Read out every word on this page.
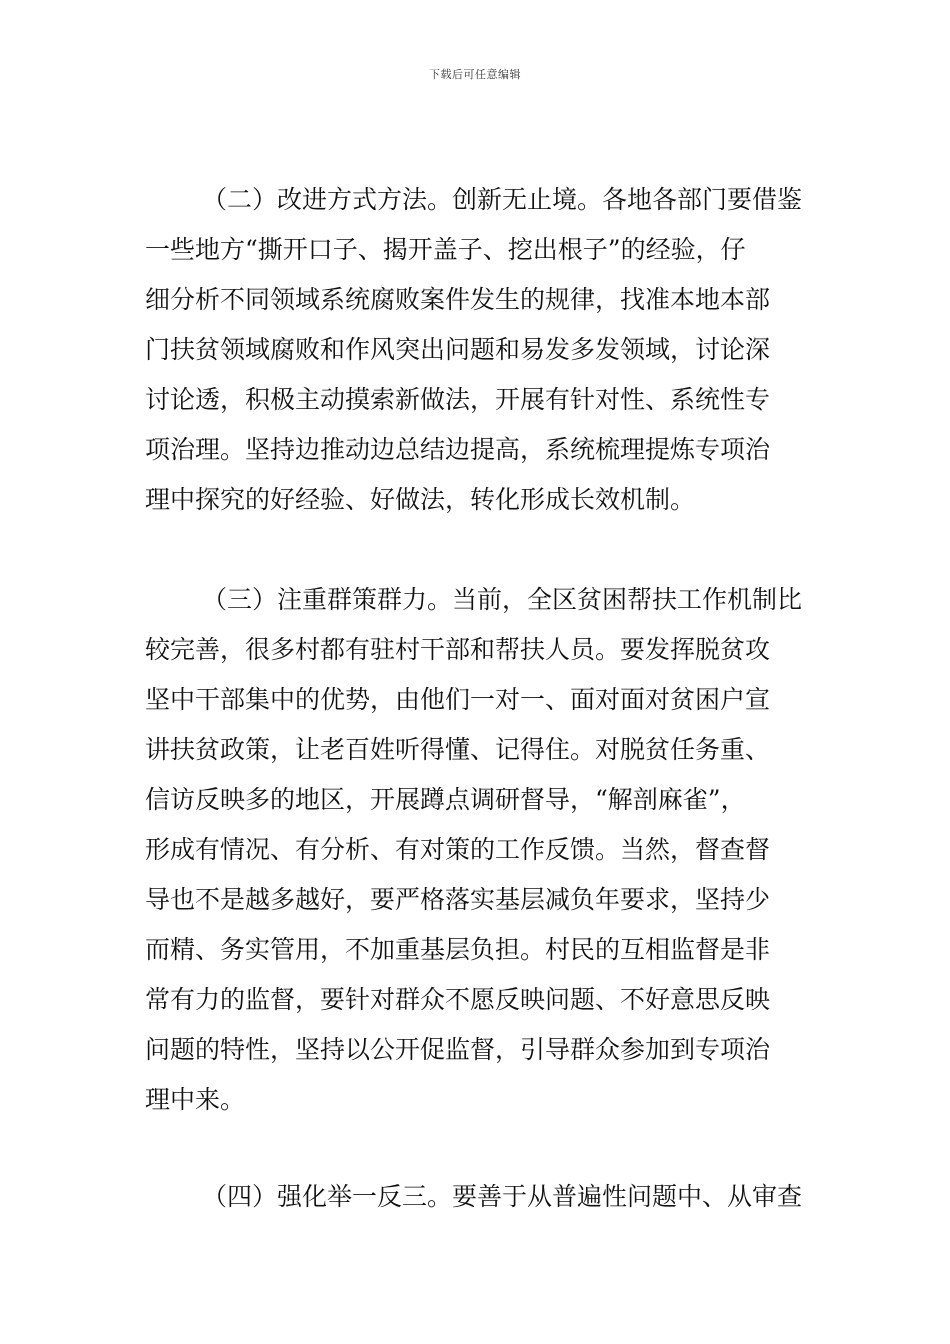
下载后可任意编辑
（二）改进方式方法。创新无止境。各地各部门要借鉴
一些地方“撕开口子、揭开盖子、挖出根子”的经验，仔
细分析不同领域系统腐败案件发生的规律，找准本地本部
门扶贫领域腐败和作风突出问题和易发多发领域，讨论深
讨论透，积极主动摸索新做法，开展有针对性、系统性专
项治理。坚持边推动边总结边提高，系统梳理提炼专项治
理中探究的好经验、好做法，转化形成长效机制。
（三）注重群策群力。当前，全区贫困帮扶工作机制比
较完善，很多村都有驻村干部和帮扶人员。要发挥脱贫攻
坚中干部集中的优势，由他们一对一、面对面对贫困户宣
讲扶贫政策，让老百姓听得懂、记得住。对脱贫任务重、
信访反映多的地区，开展蹲点调研督导，“解剖麻雀”，
形成有情况、有分析、有对策的工作反馈。当然，督查督
导也不是越多越好，要严格落实基层减负年要求，坚持少
而精、务实管用，不加重基层负担。村民的互相监督是非
常有力的监督，要针对群众不愿反映问题、不好意思反映
问题的特性，坚持以公开促监督，引导群众参加到专项治
理中来。
（四）强化举一反三。要善于从普遍性问题中、从审查
